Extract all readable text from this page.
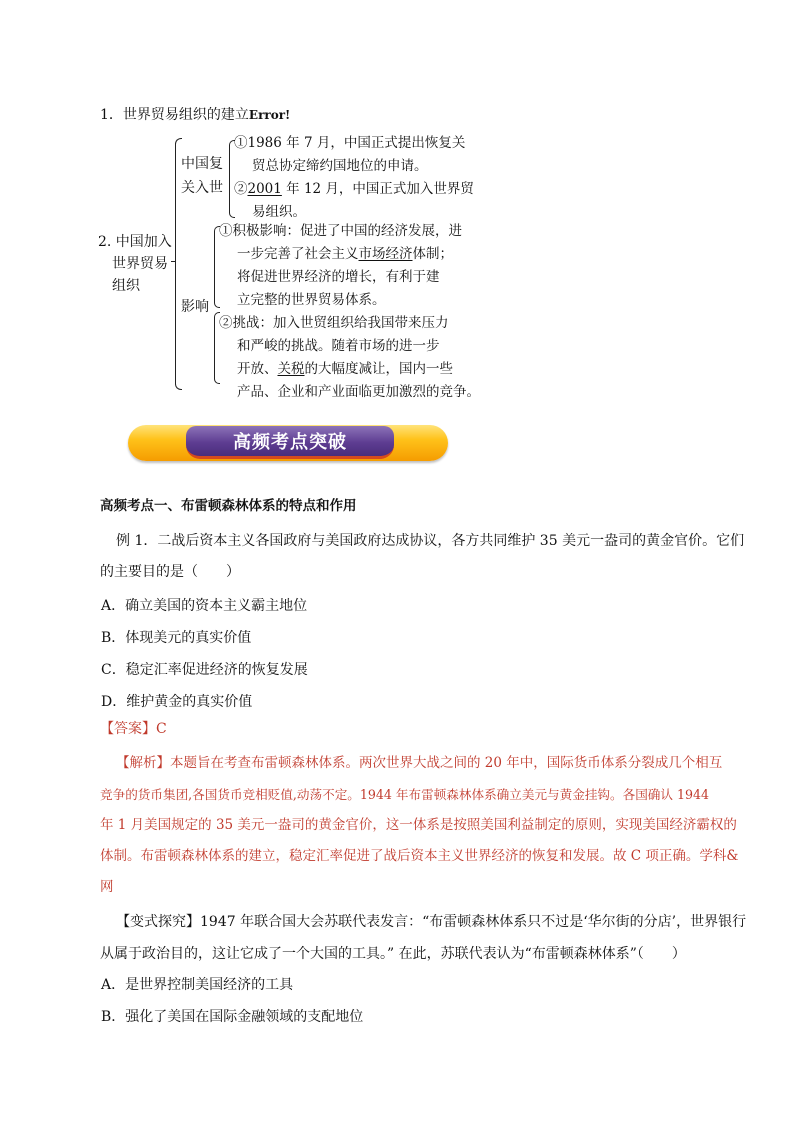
1．世界贸易组织的建立Error!
2. 中国加入
世界贸易
组织
中国复
关入世
①1986 年 7 月，中国正式提出恢复关
贸总协定缔约国地位的申请。
②2001 年 12 月，中国正式加入世界贸
易组织。
影响
①积极影响：促进了中国的经济发展，进
一步完善了社会主义市场经济体制；
将促进世界经济的增长，有利于建
立完整的世界贸易体系。
②挑战：加入世贸组织给我国带来压力
和严峻的挑战。随着市场的进一步
开放、关税的大幅度减让，国内一些
产品、企业和产业面临更加激烈的竞争。
高频考点突破
高频考点一、布雷顿森林体系的特点和作用
例 1．二战后资本主义各国政府与美国政府达成协议，各方共同维护 35 美元一盎司的黄金官价。它们
的主要目的是（　　）
A．确立美国的资本主义霸主地位
B．体现美元的真实价值
C．稳定汇率促进经济的恢复发展
D．维护黄金的真实价值
【答案】C
【解析】本题旨在考查布雷顿森林体系。两次世界大战之间的 20 年中，国际货币体系分裂成几个相互
竞争的货币集团,各国货币竞相贬值,动荡不定。1944 年布雷顿森林体系确立美元与黄金挂钩。各国确认 1944
年 1 月美国规定的 35 美元一盎司的黄金官价，这一体系是按照美国利益制定的原则，实现美国经济霸权的
体制。布雷顿森林体系的建立，稳定汇率促进了战后资本主义世界经济的恢复和发展。故 C 项正确。学科&
网
【变式探究】1947 年联合国大会苏联代表发言：“布雷顿森林体系只不过是‘华尔街的分店’，世界银行
从属于政治目的，这让它成了一个大国的工具。” 在此，苏联代表认为“布雷顿森林体系”（　　）
A．是世界控制美国经济的工具
B．强化了美国在国际金融领域的支配地位
